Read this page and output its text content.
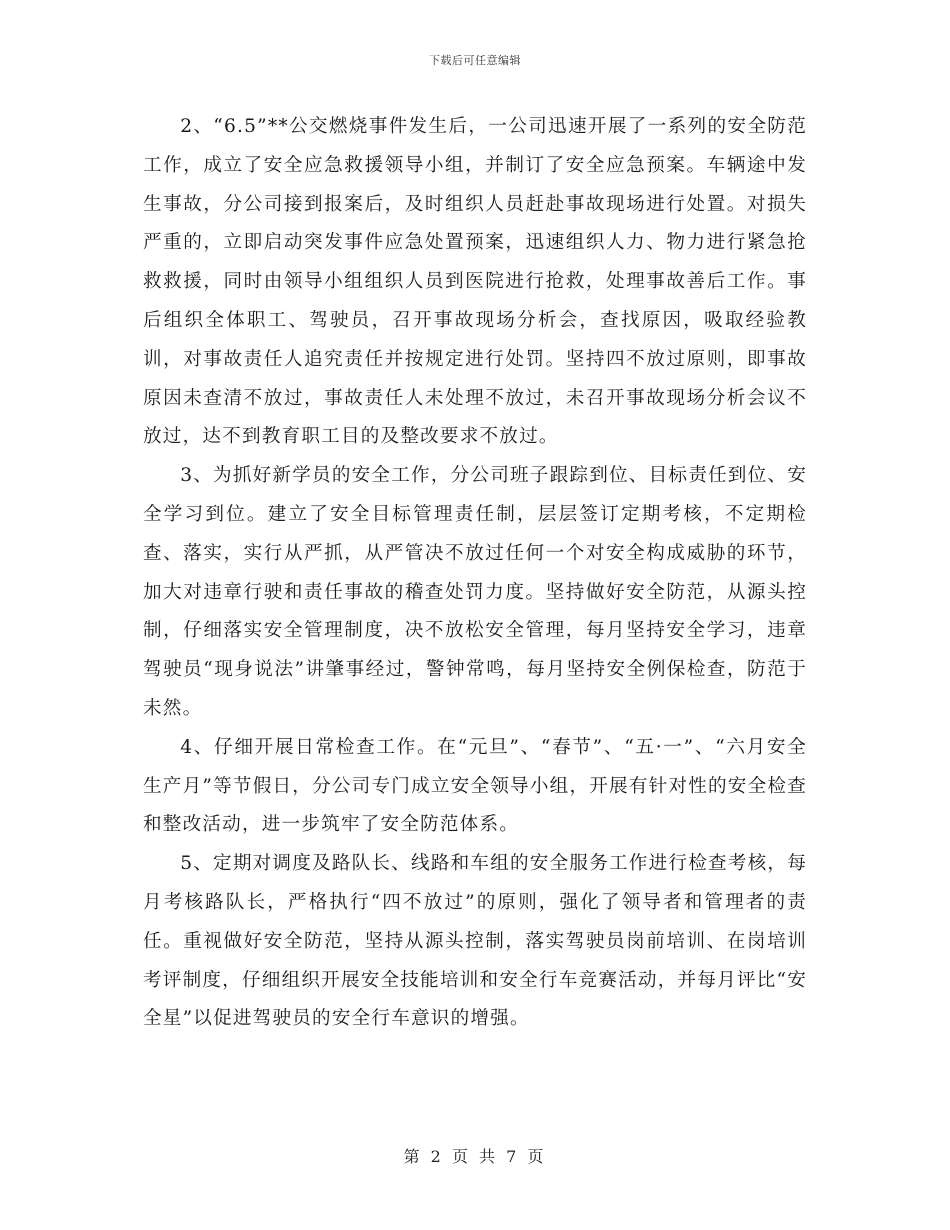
下载后可任意编辑

2、“6.5”**公交燃烧事件发生后，一公司迅速开展了一系列的安全防范工作，成立了安全应急救援领导小组，并制订了安全应急预案。车辆途中发生事故，分公司接到报案后，及时组织人员赶赴事故现场进行处置。对损失严重的，立即启动突发事件应急处置预案，迅速组织人力、物力进行紧急抢救救援，同时由领导小组组织人员到医院进行抢救，处理事故善后工作。事后组织全体职工、驾驶员，召开事故现场分析会，查找原因，吸取经验教训，对事故责任人追究责任并按规定进行处罚。坚持四不放过原则，即事故原因未查清不放过，事故责任人未处理不放过，未召开事故现场分析会议不放过，达不到教育职工目的及整改要求不放过。

3、为抓好新学员的安全工作，分公司班子跟踪到位、目标责任到位、安全学习到位。建立了安全目标管理责任制，层层签订定期考核，不定期检查、落实，实行从严抓，从严管决不放过任何一个对安全构成威胁的环节，加大对违章行驶和责任事故的稽查处罚力度。坚持做好安全防范，从源头控制，仔细落实安全管理制度，决不放松安全管理，每月坚持安全学习，违章驾驶员“现身说法”讲肇事经过，警钟常鸣，每月坚持安全例保检查，防范于未然。

4、仔细开展日常检查工作。在“元旦”、“春节”、“五·一”、“六月安全生产月”等节假日，分公司专门成立安全领导小组，开展有针对性的安全检查和整改活动，进一步筑牢了安全防范体系。

5、定期对调度及路队长、线路和车组的安全服务工作进行检查考核，每月考核路队长，严格执行“四不放过”的原则，强化了领导者和管理者的责任。重视做好安全防范，坚持从源头控制，落实驾驶员岗前培训、在岗培训考评制度，仔细组织开展安全技能培训和安全行车竞赛活动，并每月评比“安全星”以促进驾驶员的安全行车意识的增强。

第 2 页 共 7 页
